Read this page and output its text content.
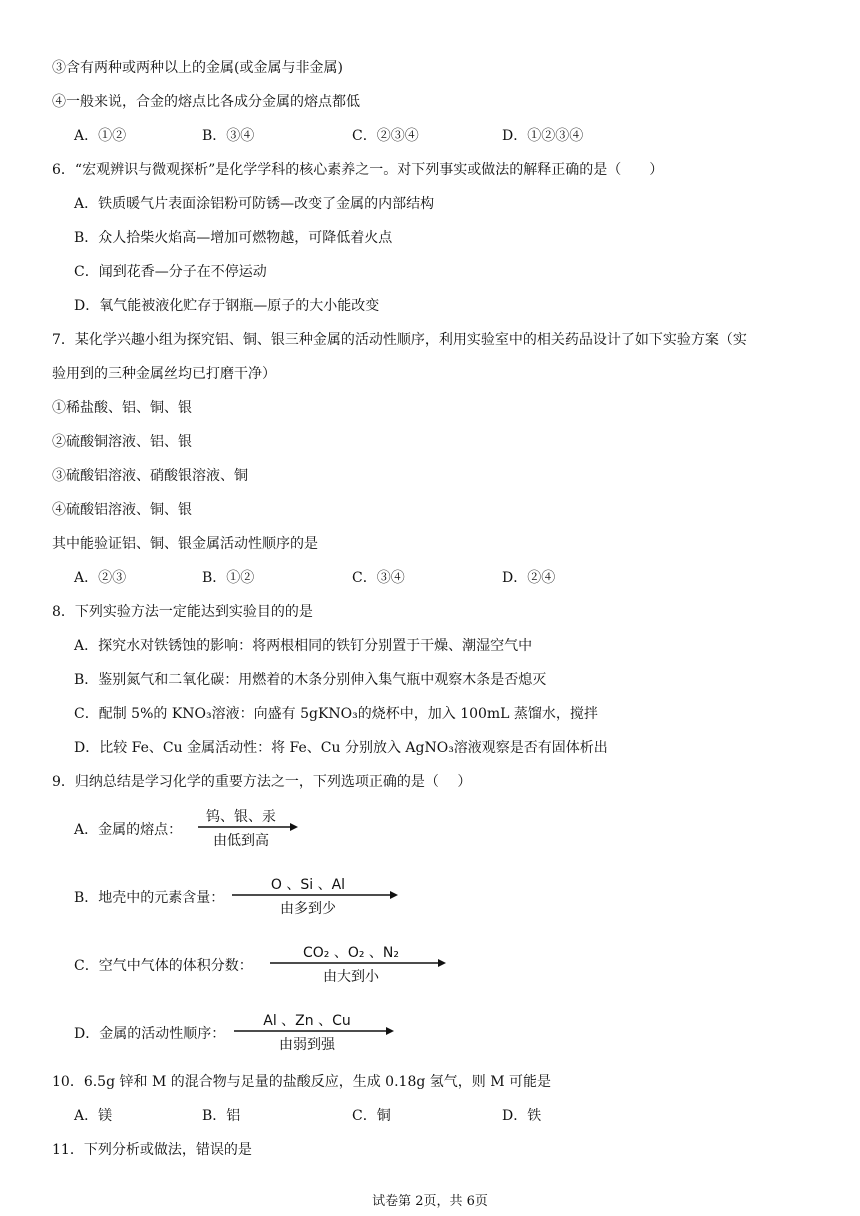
③含有两种或两种以上的金属(或金属与非金属)
④一般来说，合金的熔点比各成分金属的熔点都低
A．①②	B．③④	C．②③④	D．①②③④
6．“宏观辨识与微观探析”是化学学科的核心素养之一。对下列事实或做法的解释正确的是（　　）
A．铁质暖气片表面涂铝粉可防锈—改变了金属的内部结构
B．众人拾柴火焰高—增加可燃物越，可降低着火点
C．闻到花香—分子在不停运动
D．氧气能被液化贮存于钢瓶—原子的大小能改变
7．某化学兴趣小组为探究铝、铜、银三种金属的活动性顺序，利用实验室中的相关药品设计了如下实验方案（实
验用到的三种金属丝均已打磨干净）
①稀盐酸、铝、铜、银
②硫酸铜溶液、铝、银
③硫酸铝溶液、硝酸银溶液、铜
④硫酸铝溶液、铜、银
其中能验证铝、铜、银金属活动性顺序的是
A．②③	B．①②	C．③④	D．②④
8．下列实验方法一定能达到实验目的的是
A．探究水对铁锈蚀的影响：将两根相同的铁钉分别置于干燥、潮湿空气中
B．鉴别氮气和二氧化碳：用燃着的木条分别伸入集气瓶中观察木条是否熄灭
C．配制 5%的 KNO₃溶液：向盛有 5gKNO₃的烧杯中，加入 100mL 蒸馏水，搅拌
D．比较 Fe、Cu 金属活动性：将 Fe、Cu 分别放入 AgNO₃溶液观察是否有固体析出
9．归纳总结是学习化学的重要方法之一，下列选项正确的是（　 ）
A．金属的熔点：
钨、银、汞
由低到高
B．地壳中的元素含量：
O 、Si 、Al
由多到少
C．空气中气体的体积分数：
CO₂ 、O₂ 、N₂
由大到小
D．金属的活动性顺序：
Al 、Zn 、Cu
由弱到强
10．6.5g 锌和 M 的混合物与足量的盐酸反应，生成 0.18g 氢气，则 M 可能是
A．镁	B．铝	C．铜	D．铁
11．下列分析或做法，错误的是
试卷第 2页，共 6页
